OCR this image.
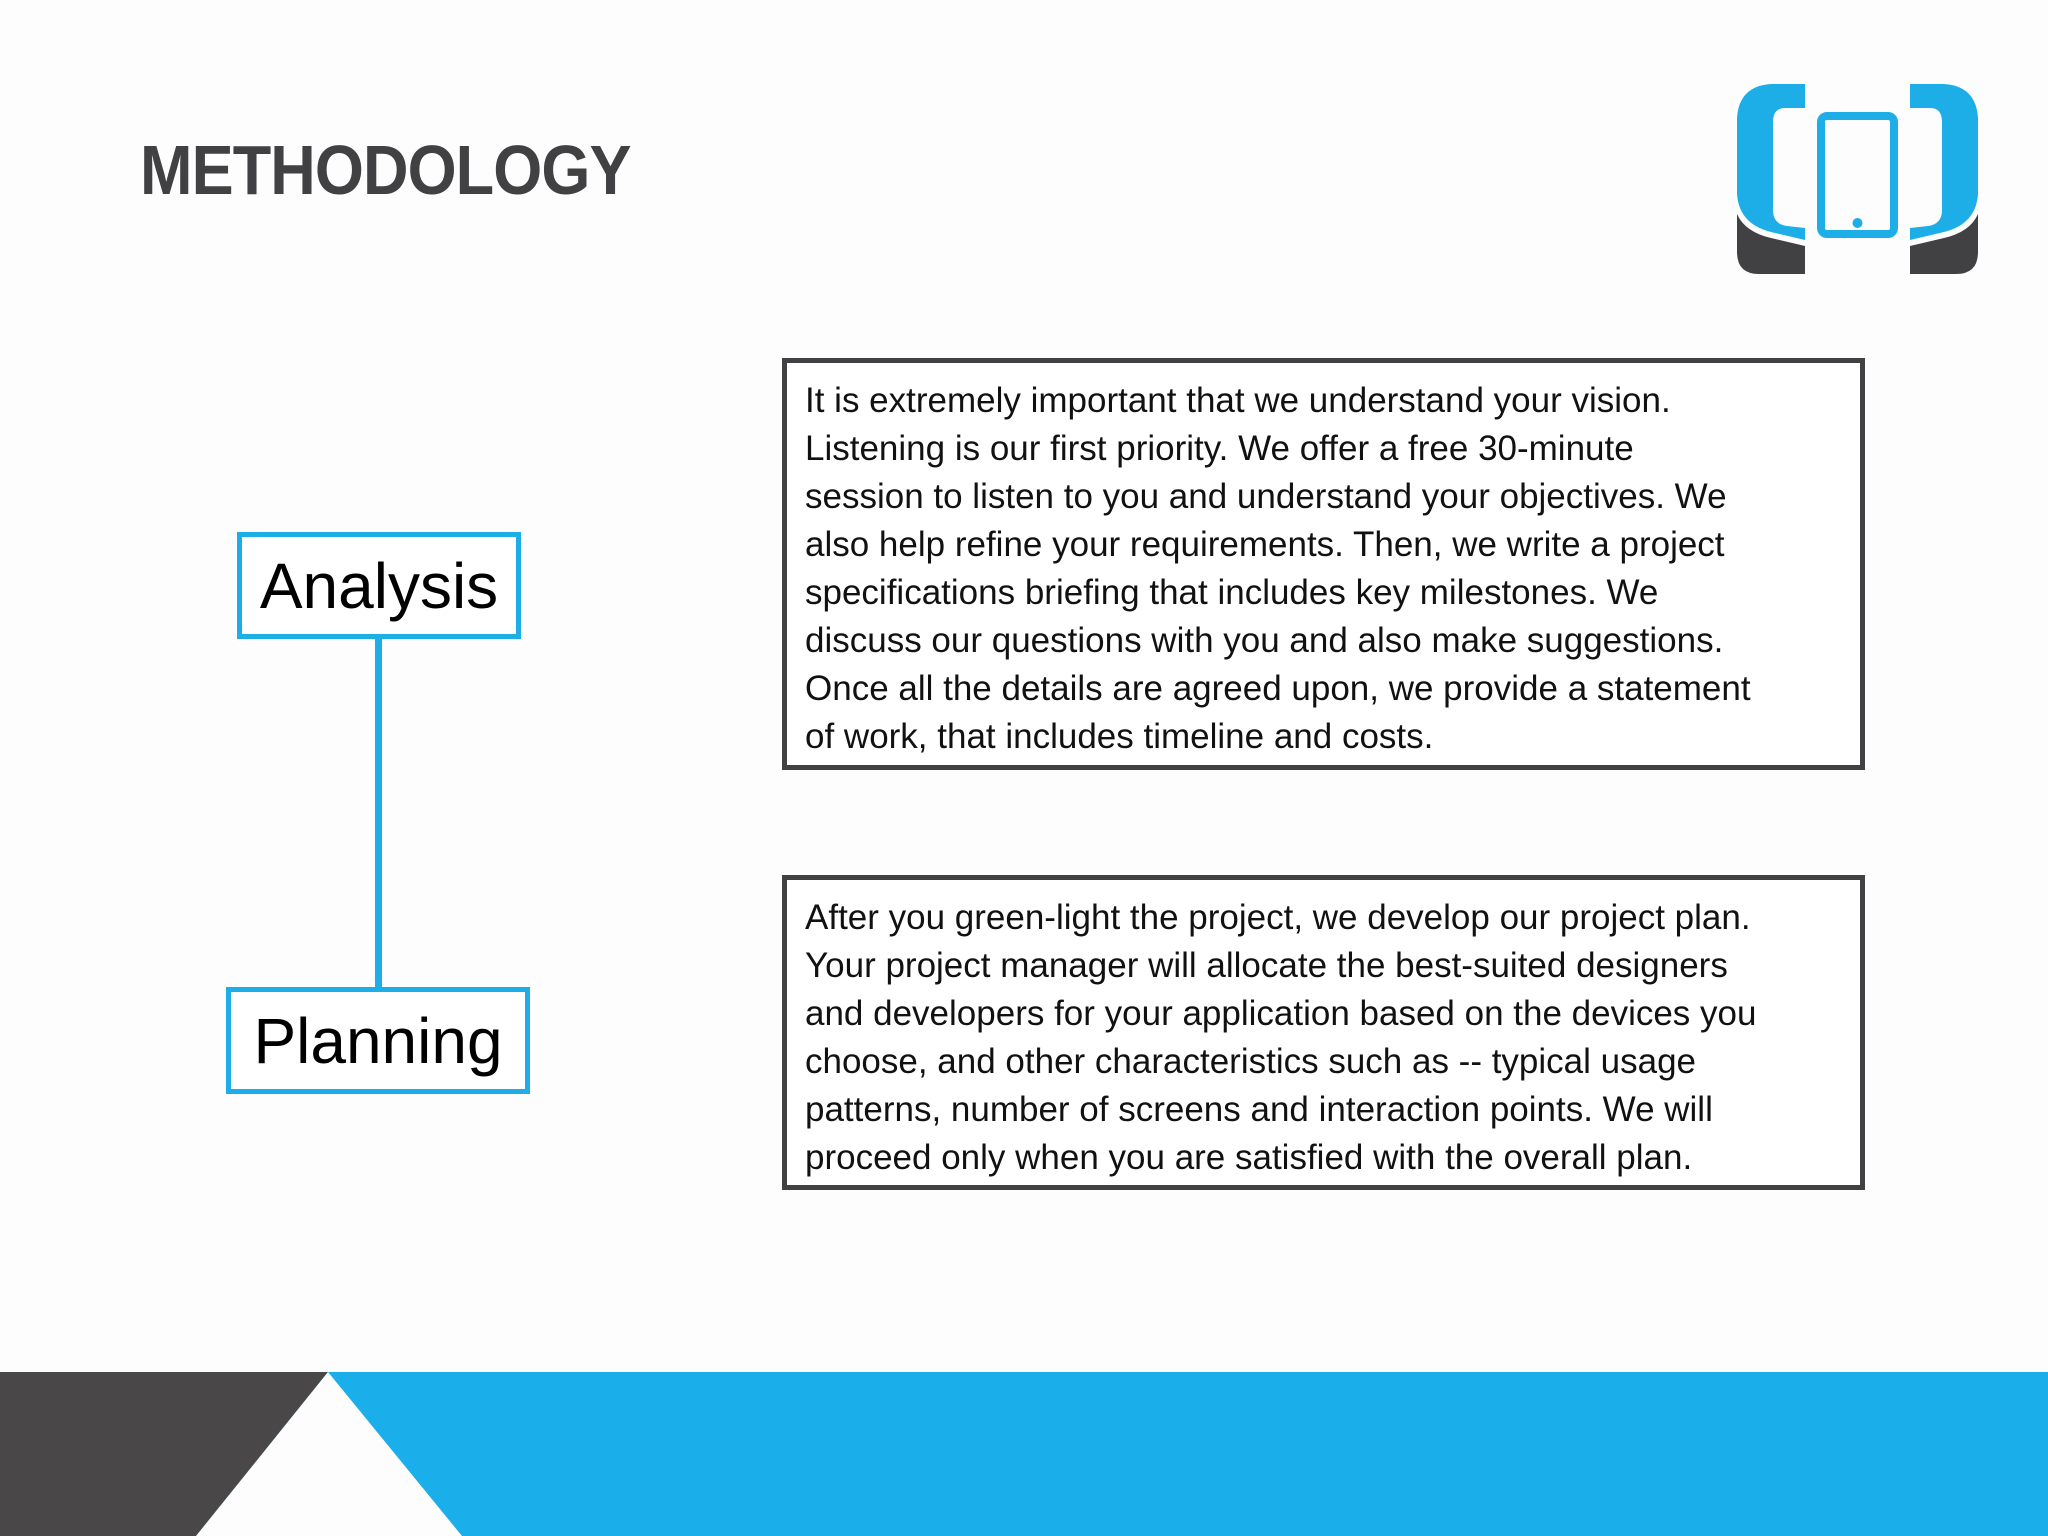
METHODOLOGY
Analysis
Planning
It is extremely important that we understand your vision.
Listening is our first priority. We offer a free 30-minute
session to listen to you and understand your objectives. We
also help refine your requirements. Then, we write a project
specifications briefing that includes key milestones. We
discuss our questions with you and also make suggestions.
Once all the details are agreed upon, we provide a statement
of work, that includes timeline and costs.
After you green-light the project, we develop our project plan.
Your project manager will allocate the best-suited designers
and developers for your application based on the devices you
choose, and other characteristics such as -- typical usage
patterns, number of screens and interaction points. We will
proceed only when you are satisfied with the overall plan.
